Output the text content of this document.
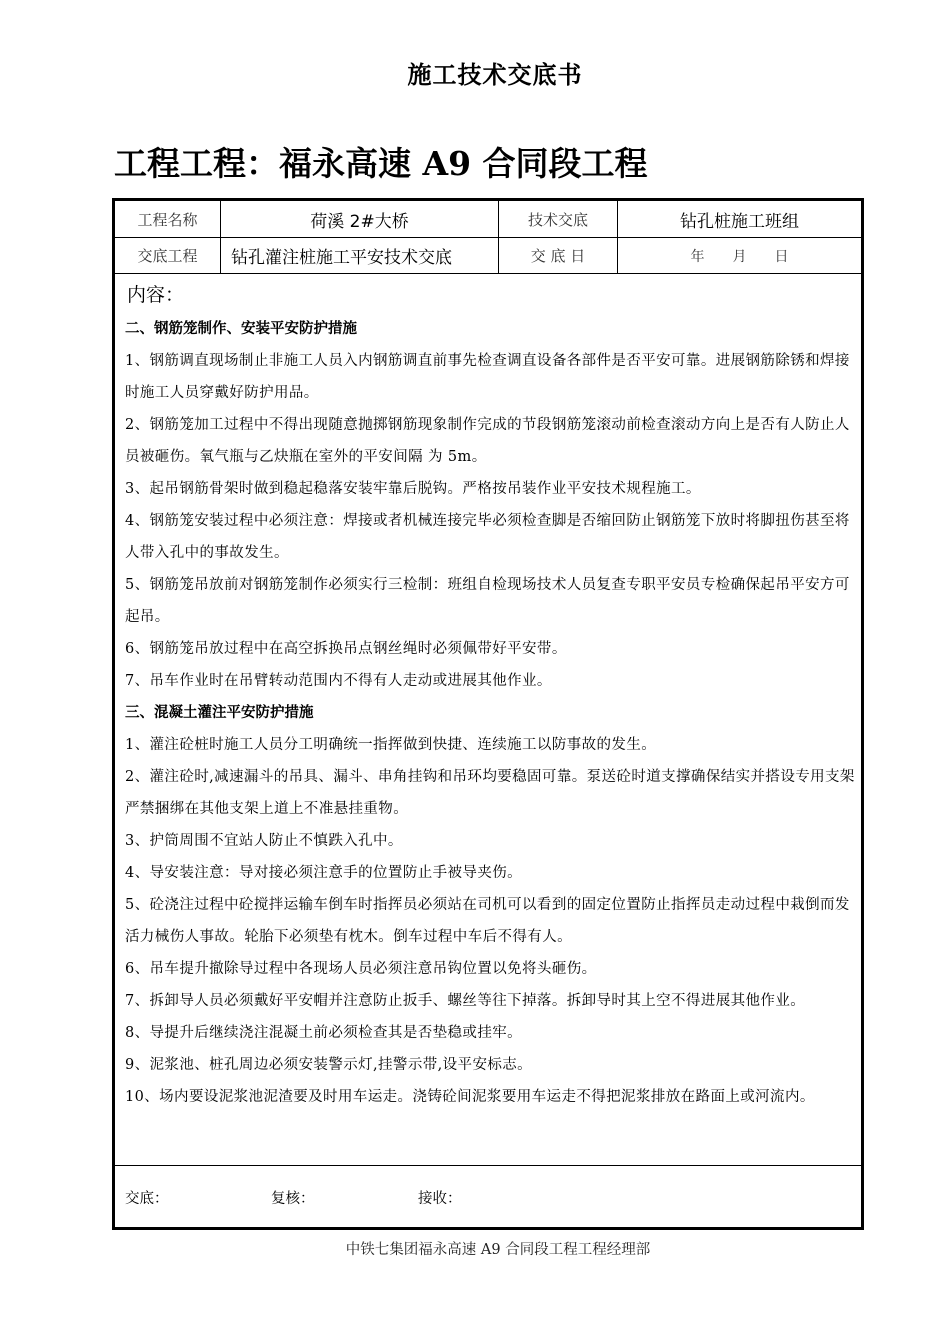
施工技术交底书
工程工程：福永高速 A9 合同段工程
工程名称	荷溪 2#大桥	技术交底	钻孔桩施工班组
交底工程	钻孔灌注桩施工平安技术交底	交 底 日	年　　月　　日
内容：
二、钢筋笼制作、安装平安防护措施
1、钢筋调直现场制止非施工人员入内钢筋调直前事先检查调直设备各部件是否平安可靠。进展钢筋除锈和焊接时施工人员穿戴好防护用品。
2、钢筋笼加工过程中不得出现随意抛掷钢筋现象制作完成的节段钢筋笼滚动前检查滚动方向上是否有人防止人员被砸伤。氧气瓶与乙炔瓶在室外的平安间隔 为 5m。
3、起吊钢筋骨架时做到稳起稳落安装牢靠后脱钩。严格按吊装作业平安技术规程施工。
4、钢筋笼安装过程中必须注意：焊接或者机械连接完毕必须检查脚是否缩回防止钢筋笼下放时将脚扭伤甚至将人带入孔中的事故发生。
5、钢筋笼吊放前对钢筋笼制作必须实行三检制：班组自检现场技术人员复查专职平安员专检确保起吊平安方可起吊。
6、钢筋笼吊放过程中在高空拆换吊点钢丝绳时必须佩带好平安带。
7、吊车作业时在吊臂转动范围内不得有人走动或进展其他作业。
三、混凝土灌注平安防护措施
1、灌注砼桩时施工人员分工明确统一指挥做到快捷、连续施工以防事故的发生。
2、灌注砼时,减速漏斗的吊具、漏斗、串角挂钩和吊环均要稳固可靠。泵送砼时道支撑确保结实并搭设专用支架严禁捆绑在其他支架上道上不准悬挂重物。
3、护筒周围不宜站人防止不慎跌入孔中。
4、导安装注意：导对接必须注意手的位置防止手被导夹伤。
5、砼浇注过程中砼搅拌运输车倒车时指挥员必须站在司机可以看到的固定位置防止指挥员走动过程中栽倒而发活力械伤人事故。轮胎下必须垫有枕木。倒车过程中车后不得有人。
6、吊车提升撤除导过程中各现场人员必须注意吊钩位置以免将头砸伤。
7、拆卸导人员必须戴好平安帽并注意防止扳手、螺丝等往下掉落。拆卸导时其上空不得进展其他作业。
8、导提升后继续浇注混凝土前必须检查其是否垫稳或挂牢。
9、泥浆池、桩孔周边必须安装警示灯,挂警示带,设平安标志。
10、场内要设泥浆池泥渣要及时用车运走。浇铸砼间泥浆要用车运走不得把泥浆排放在路面上或河流内。
交底：	复核：	接收：
中铁七集团福永高速 A9 合同段工程工程经理部
